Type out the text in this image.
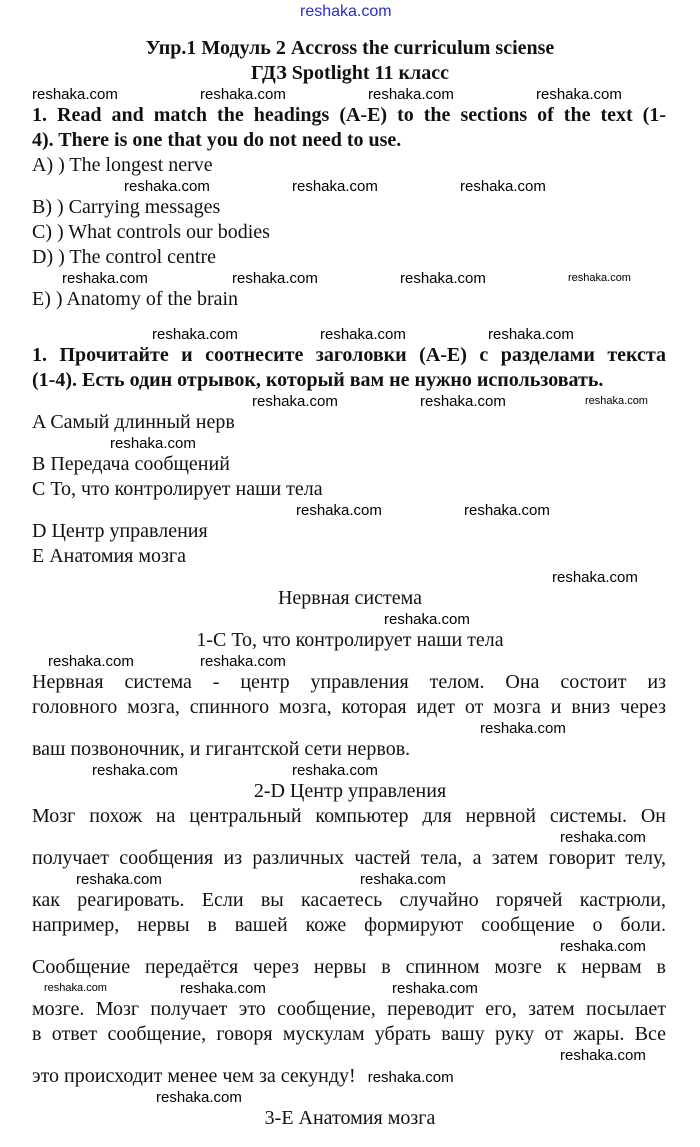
reshaka.com
Упр.1 Модуль 2 Accross the curriculum sciense
ГДЗ Spotlight 11 класс
reshaka.com	reshaka.com	reshaka.com	reshaka.com
1. Read and match the headings (A-E) to the sections of the text (1-
4). There is one that you do not need to use.
A) ) The longest nerve
reshaka.com	reshaka.com	reshaka.com
B) ) Carrying messages
C) ) What controls our bodies
D) ) The control centre
reshaka.com	reshaka.com	reshaka.com	reshaka.com
E) ) Anatomy of the brain
reshaka.com	reshaka.com	reshaka.com
1. Прочитайте и соотнесите заголовки (A-E) с разделами текста
(1-4). Есть один отрывок, который вам не нужно использовать.
reshaka.com	reshaka.com	reshaka.com
A Самый длинный нерв
reshaka.com
B Передача сообщений
C То, что контролирует наши тела
reshaka.com	reshaka.com
D Центр управления
E Анатомия мозга
reshaka.com
Нервная система
reshaka.com
1-C То, что контролирует наши тела
reshaka.com	reshaka.com
Нервная система - центр управления телом. Она состоит из
головного мозга, спинного мозга, которая идет от мозга и вниз через
reshaka.com
ваш позвоночник, и гигантской сети нервов.
reshaka.com	reshaka.com
2-D Центр управления
Мозг похож на центральный компьютер для нервной системы. Он
reshaka.com
получает сообщения из различных частей тела, а затем говорит телу,
reshaka.com	reshaka.com
как реагировать. Если вы касаетесь случайно горячей кастрюли,
например, нервы в вашей коже формируют сообщение о боли.
reshaka.com
Сообщение передаётся через нервы в спинном мозге к нервам в
reshaka.com	reshaka.com	reshaka.com
мозге. Мозг получает это сообщение, переводит его, затем посылает
в ответ сообщение, говоря мускулам убрать вашу руку от жары. Все
reshaka.com
это происходит менее чем за секунду! reshaka.com
reshaka.com
3-E Анатомия мозга
